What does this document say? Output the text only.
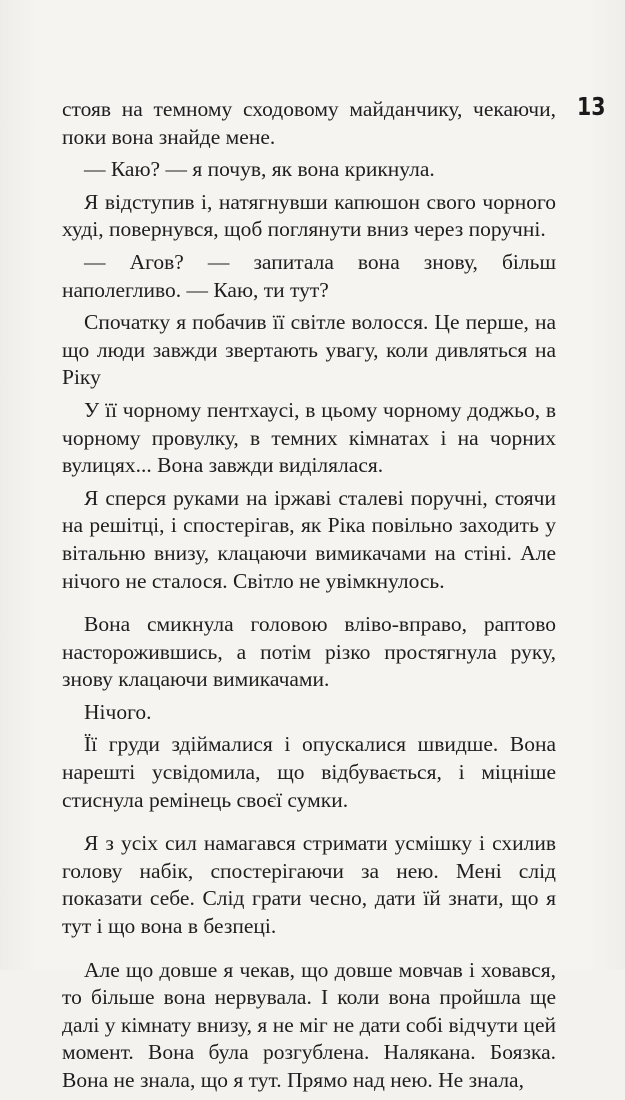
13

стояв на темному сходовому майданчику, чекаючи, поки вона знайде мене.

— Каю? — я почув, як вона крикнула.

Я відступив і, натягнувши капюшон свого чорного худі, повернувся, щоб поглянути вниз через поручні.

— Агов? — запитала вона знову, більш наполегливо. — Каю, ти тут?

Спочатку я побачив її світле волосся. Це перше, на що люди завжди звертають увагу, коли дивляться на Ріку

У її чорному пентхаусі, в цьому чорному доджьо, в чорному провулку, в темних кімнатах і на чорних вулицях... Вона завжди виділялася.

Я сперся руками на іржаві сталеві поручні, стоячи на решітці, і спостерігав, як Ріка повільно заходить у вітальню внизу, клацаючи вимикачами на стіні. Але нічого не сталося. Світло не увімкнулось.

Вона смикнула головою вліво-вправо, раптово насторожившись, а потім різко простягнула руку, знову клацаючи вимикачами.

Нічого.

Її груди здіймалися і опускалися швидше. Вона нарешті усвідомила, що відбувається, і міцніше стиснула ремінець своєї сумки.

Я з усіх сил намагався стримати усмішку і схилив голову набік, спостерігаючи за нею. Мені слід показати себе. Слід грати чесно, дати їй знати, що я тут і що вона в безпеці.

Але що довше я чекав, що довше мовчав і ховався, то більше вона нервувала. І коли вона пройшла ще далі у кімнату внизу, я не міг не дати собі відчути цей момент. Вона була розгублена. Налякана. Боязка. Вона не знала, що я тут. Прямо над нею. Не знала,
